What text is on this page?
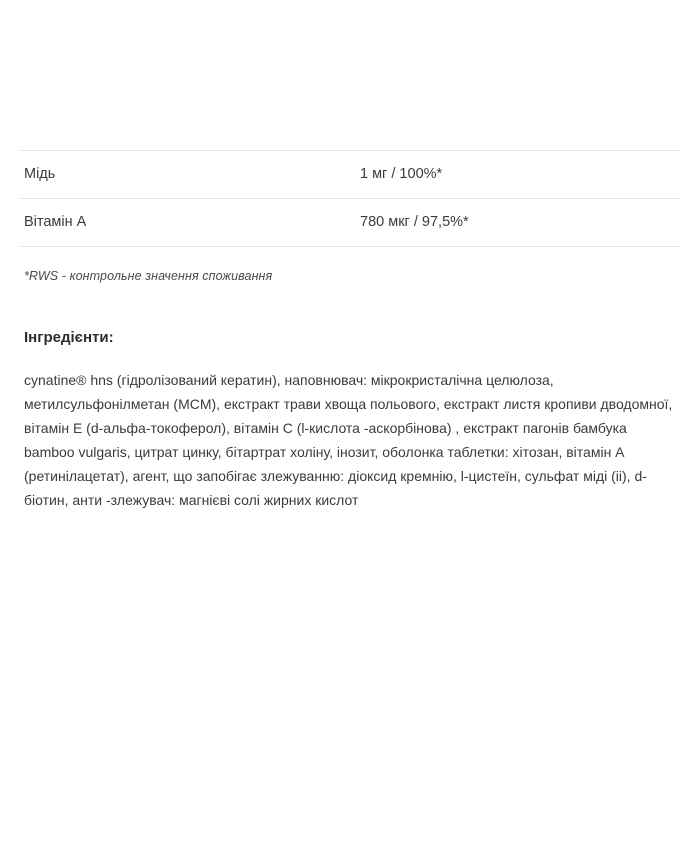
Мідь	1 мг / 100%*
Вітамін А	780 мкг / 97,5%*
*RWS - контрольне значення споживання
Інгредієнти:
cynatine® hns (гідролізований кератин), наповнювач: мікрокристалічна целюлоза, метилсульфонілметан (MCM), екстракт трави хвоща польового, екстракт листя кропиви дводомної, вітамін Е (d-альфа-токоферол), вітамін С (l-кислота -аскорбінова) , екстракт пагонів бамбука bamboo vulgaris, цитрат цинку, бітартрат холіну, інозит, оболонка таблетки: хітозан, вітамін А (ретинілацетат), агент, що запобігає злежуванню: діоксид кремнію, l-цистеїн, сульфат міді (ii), d-біотин, анти -злежувач: магнієві солі жирних кислот
